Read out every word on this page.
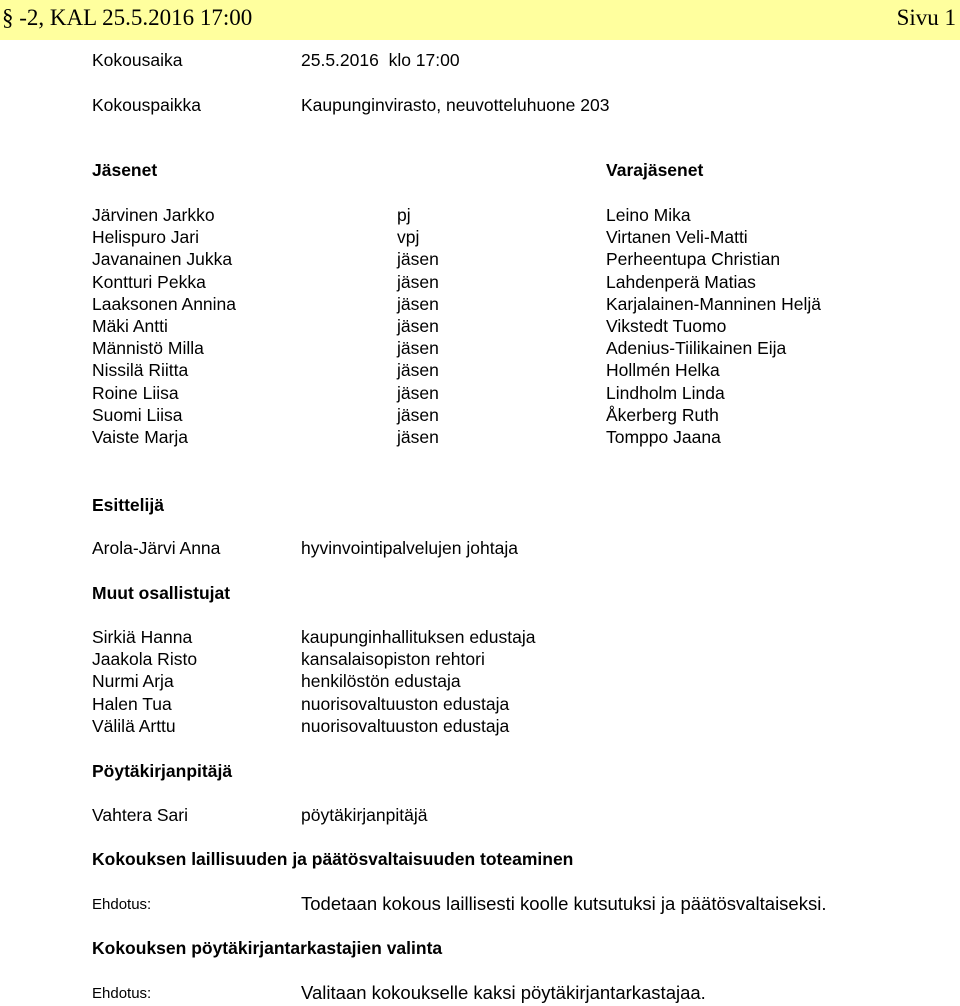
§ -2, KAL 25.5.2016 17:00	Sivu 1
Kokousaika	25.5.2016  klo 17:00
Kokouspaikka	Kaupunginvirasto, neuvotteluhuone 203
Jäsenet	Varajäsenet
Järvinen Jarkko	pj	Leino Mika
Helispuro Jari	vpj	Virtanen Veli-Matti
Javanainen Jukka	jäsen	Perheentupa Christian
Kontturi Pekka	jäsen	Lahdenperä Matias
Laaksonen Annina	jäsen	Karjalainen-Manninen Heljä
Mäki Antti	jäsen	Vikstedt Tuomo
Männistö Milla	jäsen	Adenius-Tiilikainen Eija
Nissilä Riitta	jäsen	Hollmén Helka
Roine Liisa	jäsen	Lindholm Linda
Suomi Liisa	jäsen	Åkerberg Ruth
Vaiste Marja	jäsen	Tomppo Jaana
Esittelijä
Arola-Järvi Anna	hyvinvointipalvelujen johtaja
Muut osallistujat
Sirkiä Hanna	kaupunginhallituksen edustaja
Jaakola Risto	kansalaisopiston rehtori
Nurmi Arja	henkilöstön edustaja
Halen Tua	nuorisovaltuuston edustaja
Välilä Arttu	nuorisovaltuuston edustaja
Pöytäkirjanpitäjä
Vahtera Sari	pöytäkirjanpitäjä
Kokouksen laillisuuden ja päätösvaltaisuuden toteaminen
Ehdotus:	Todetaan kokous laillisesti koolle kutsutuksi ja päätösvaltaiseksi.
Kokouksen pöytäkirjantarkastajien valinta
Ehdotus:	Valitaan kokoukselle kaksi pöytäkirjantarkastajaa.
